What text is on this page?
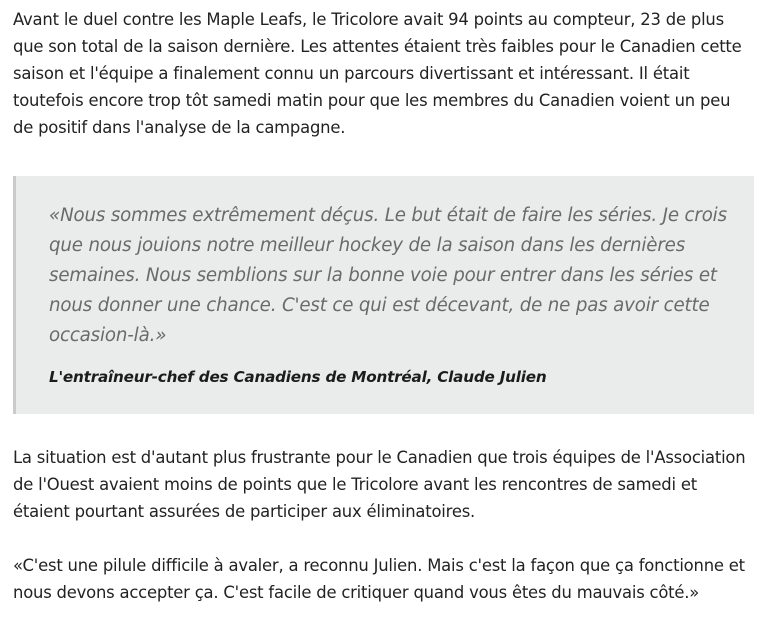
Avant le duel contre les Maple Leafs, le Tricolore avait 94 points au compteur, 23 de plus que son total de la saison dernière. Les attentes étaient très faibles pour le Canadien cette saison et l'équipe a finalement connu un parcours divertissant et intéressant. Il était toutefois encore trop tôt samedi matin pour que les membres du Canadien voient un peu de positif dans l'analyse de la campagne.

«Nous sommes extrêmement déçus. Le but était de faire les séries. Je crois que nous jouions notre meilleur hockey de la saison dans les dernières semaines. Nous semblions sur la bonne voie pour entrer dans les séries et nous donner une chance. C'est ce qui est décevant, de ne pas avoir cette occasion-là.»

L'entraîneur-chef des Canadiens de Montréal, Claude Julien

La situation est d'autant plus frustrante pour le Canadien que trois équipes de l'Association de l'Ouest avaient moins de points que le Tricolore avant les rencontres de samedi et étaient pourtant assurées de participer aux éliminatoires.

«C'est une pilule difficile à avaler, a reconnu Julien. Mais c'est la façon que ça fonctionne et nous devons accepter ça. C'est facile de critiquer quand vous êtes du mauvais côté.»
